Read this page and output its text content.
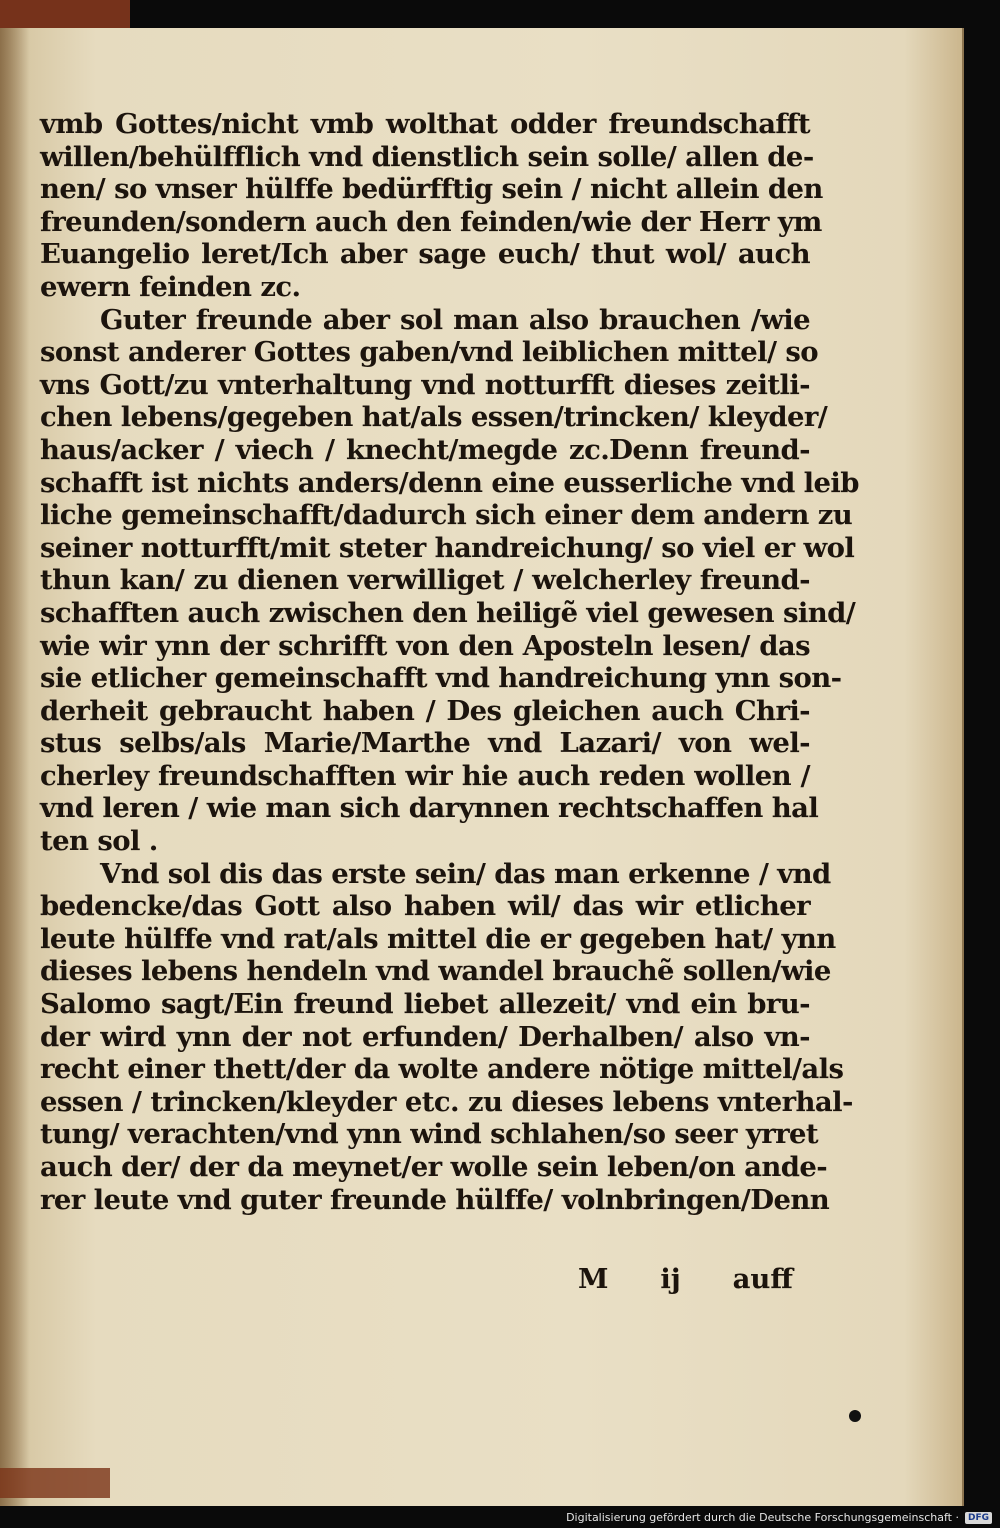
vmb Gottes/nicht vmb wolthat odder freundschafft
willen/behülfflich vnd dienstlich sein solle/ allen de-
nen/ so vnser hülffe bedürfftig sein / nicht allein den
freunden/sondern auch den feinden/wie der Herr ym
Euangelio leret/Ich aber sage euch/ thut wol/ auch
ewern feinden zc.
Guter freunde aber sol man also brauchen /wie
sonst anderer Gottes gaben/vnd leiblichen mittel/ so
vns Gott/zu vnterhaltung vnd notturfft dieses zeitli-
chen lebens/gegeben hat/als essen/trincken/ kleyder/
haus/acker / viech / knecht/megde zc.Denn freund-
schafft ist nichts anders/denn eine eusserliche vnd leib
liche gemeinschafft/dadurch sich einer dem andern zu
seiner notturfft/mit steter handreichung/ so viel er wol
thun kan/ zu dienen verwilliget / welcherley freund-
schafften auch zwischen den heiligẽ viel gewesen sind/
wie wir ynn der schrifft von den Aposteln lesen/ das
sie etlicher gemeinschafft vnd handreichung ynn son-
derheit gebraucht haben / Des gleichen auch Chri-
stus selbs/als Marie/Marthe vnd Lazari/ von wel-
cherley freundschafften wir hie auch reden wollen /
vnd leren / wie man sich darynnen rechtschaffen hal
ten sol .
Vnd sol dis das erste sein/ das man erkenne / vnd
bedencke/das Gott also haben wil/ das wir etlicher
leute hülffe vnd rat/als mittel die er gegeben hat/ ynn
dieses lebens hendeln vnd wandel brauchẽ sollen/wie
Salomo sagt/Ein freund liebet allezeit/ vnd ein bru-
der wird ynn der not erfunden/ Derhalben/ also vn-
recht einer thett/der da wolte andere nötige mittel/als
essen / trincken/kleyder etc. zu dieses lebens vnterhal-
tung/ verachten/vnd ynn wind schlahen/so seer yrret
auch der/ der da meynet/er wolle sein leben/on ande-
rer leute vnd guter freunde hülffe/ volnbringen/Denn
M ij auff
Digitalisierung gefördert durch die Deutsche Forschungsgemeinschaft ·	DFG
